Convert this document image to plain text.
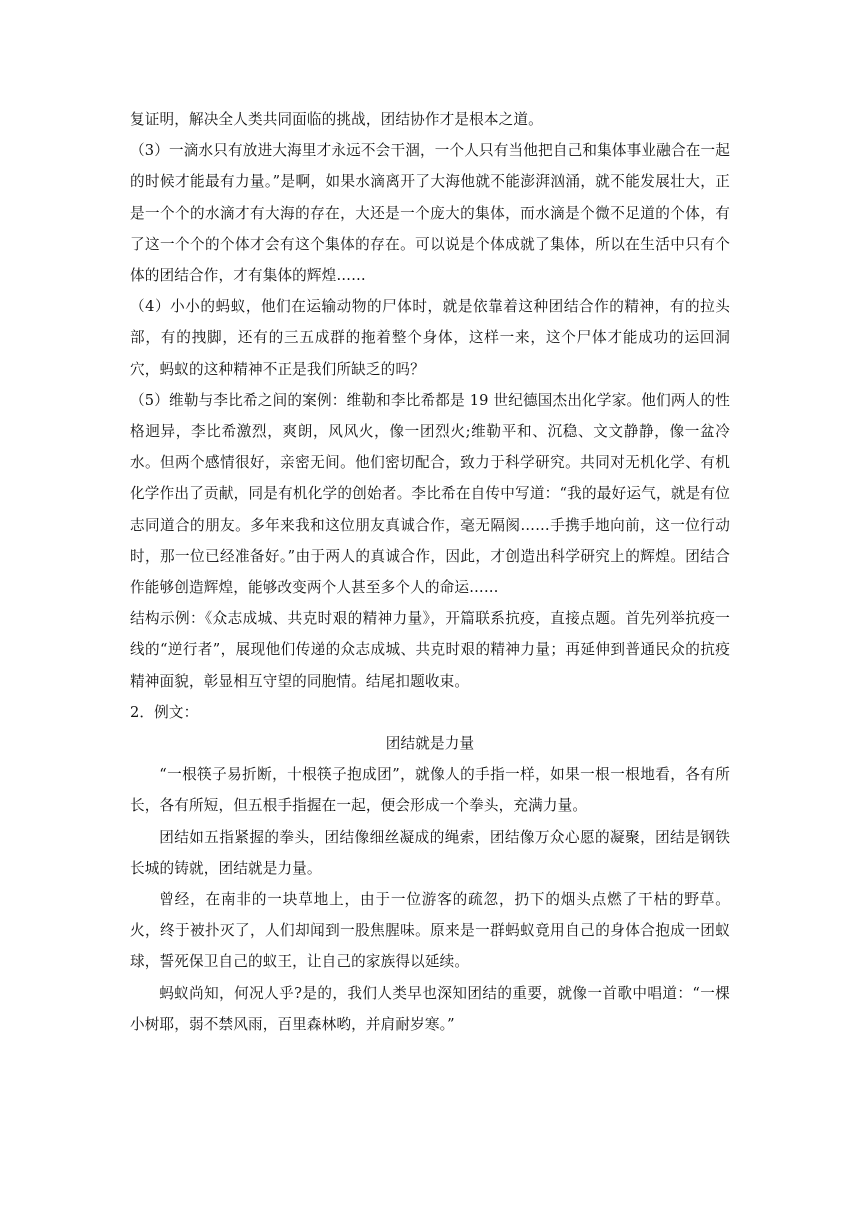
复证明，解决全人类共同面临的挑战，团结协作才是根本之道。

（3）一滴水只有放进大海里才永远不会干涸，一个人只有当他把自己和集体事业融合在一起的时候才能最有力量。”是啊，如果水滴离开了大海他就不能澎湃汹涌，就不能发展壮大，正是一个个的水滴才有大海的存在，大还是一个庞大的集体，而水滴是个微不足道的个体，有了这一个个的个体才会有这个集体的存在。可以说是个体成就了集体，所以在生活中只有个体的团结合作，才有集体的辉煌……

（4）小小的蚂蚁，他们在运输动物的尸体时，就是依靠着这种团结合作的精神，有的拉头部，有的拽脚，还有的三五成群的拖着整个身体，这样一来，这个尸体才能成功的运回洞穴，蚂蚁的这种精神不正是我们所缺乏的吗？

（5）维勒与李比希之间的案例：维勒和李比希都是 19 世纪德国杰出化学家。他们两人的性格迥异，李比希激烈，爽朗，风风火，像一团烈火;维勒平和、沉稳、文文静静，像一盆冷水。但两个感情很好，亲密无间。他们密切配合，致力于科学研究。共同对无机化学、有机化学作出了贡献，同是有机化学的创始者。李比希在自传中写道：“我的最好运气，就是有位志同道合的朋友。多年来我和这位朋友真诚合作，毫无隔阂……手携手地向前，这一位行动时，那一位已经准备好。”由于两人的真诚合作，因此，才创造出科学研究上的辉煌。团结合作能够创造辉煌，能够改变两个人甚至多个人的命运……

结构示例：《众志成城、共克时艰的精神力量》，开篇联系抗疫，直接点题。首先列举抗疫一线的“逆行者”，展现他们传递的众志成城、共克时艰的精神力量；再延伸到普通民众的抗疫精神面貌，彰显相互守望的同胞情。结尾扣题收束。

2．例文：

团结就是力量

“一根筷子易折断，十根筷子抱成团”，就像人的手指一样，如果一根一根地看，各有所长，各有所短，但五根手指握在一起，便会形成一个拳头，充满力量。

团结如五指紧握的拳头，团结像细丝凝成的绳索，团结像万众心愿的凝聚，团结是钢铁长城的铸就，团结就是力量。

曾经，在南非的一块草地上，由于一位游客的疏忽，扔下的烟头点燃了干枯的野草。火，终于被扑灭了，人们却闻到一股焦腥味。原来是一群蚂蚁竟用自己的身体合抱成一团蚁球，誓死保卫自己的蚁王，让自己的家族得以延续。

蚂蚁尚知，何况人乎?是的，我们人类早也深知团结的重要，就像一首歌中唱道：“一棵小树耶，弱不禁风雨，百里森林哟，并肩耐岁寒。”
